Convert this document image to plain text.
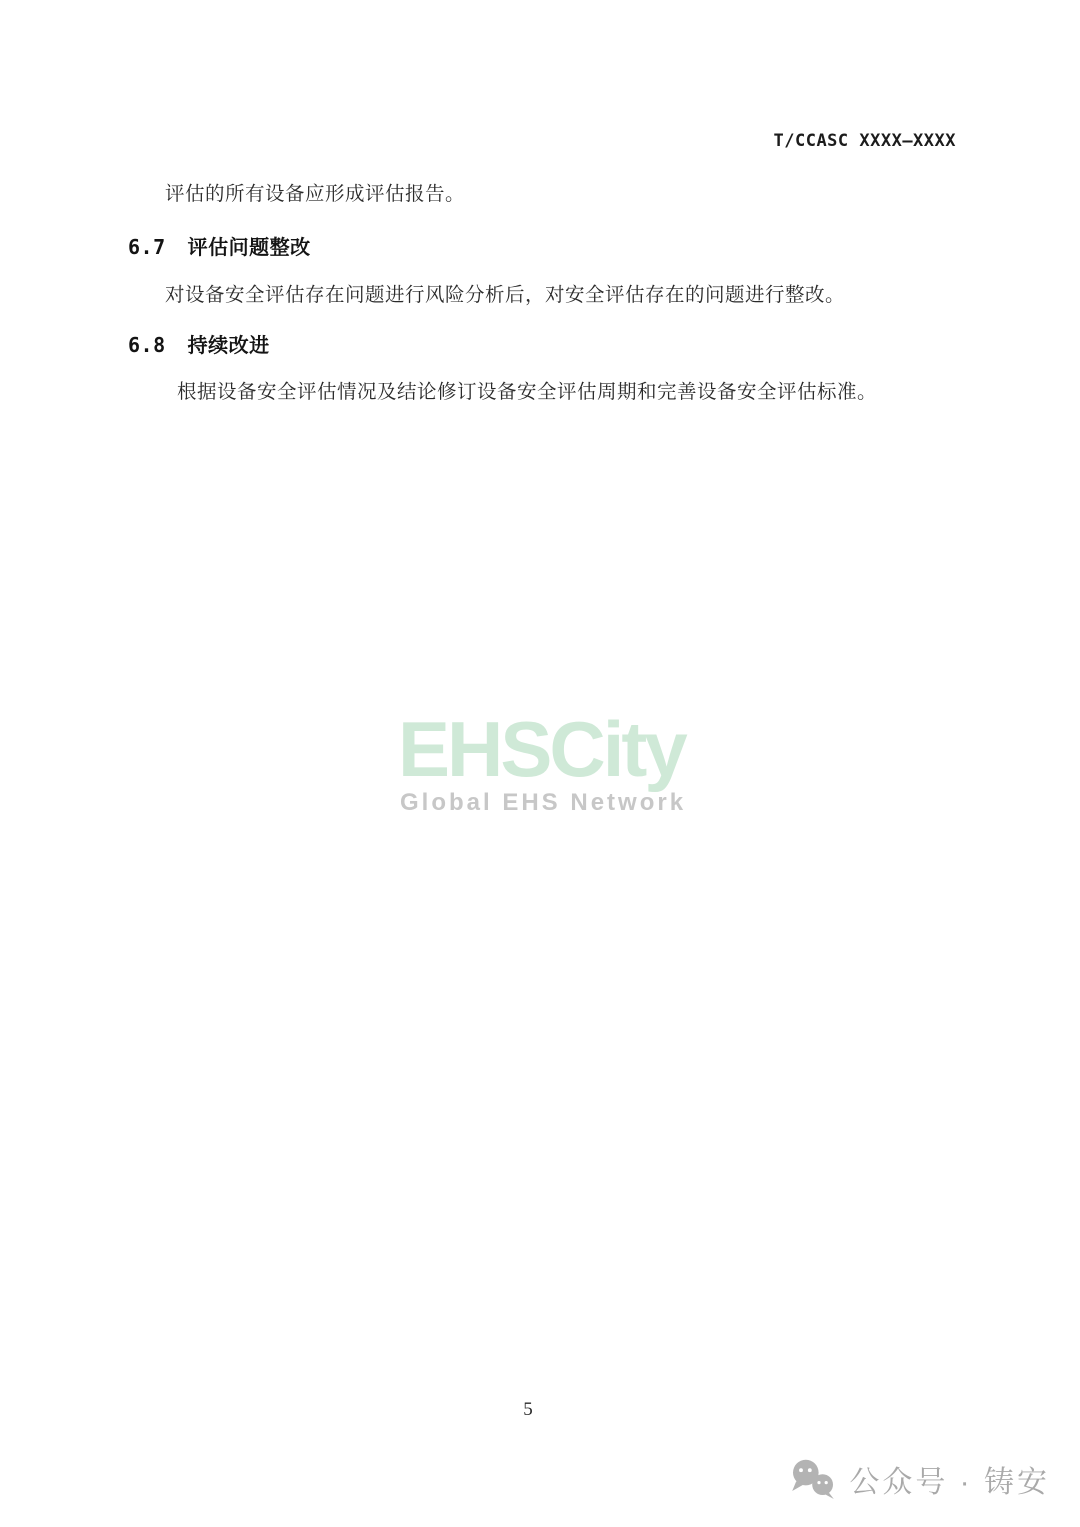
T/CCASC XXXX—XXXX

评估的所有设备应形成评估报告。

6.7 评估问题整改

对设备安全评估存在问题进行风险分析后，对安全评估存在的问题进行整改。

6.8 持续改进

根据设备安全评估情况及结论修订设备安全评估周期和完善设备安全评估标准。

EHSCity
Global EHS Network
5
公众号 · 铸安
